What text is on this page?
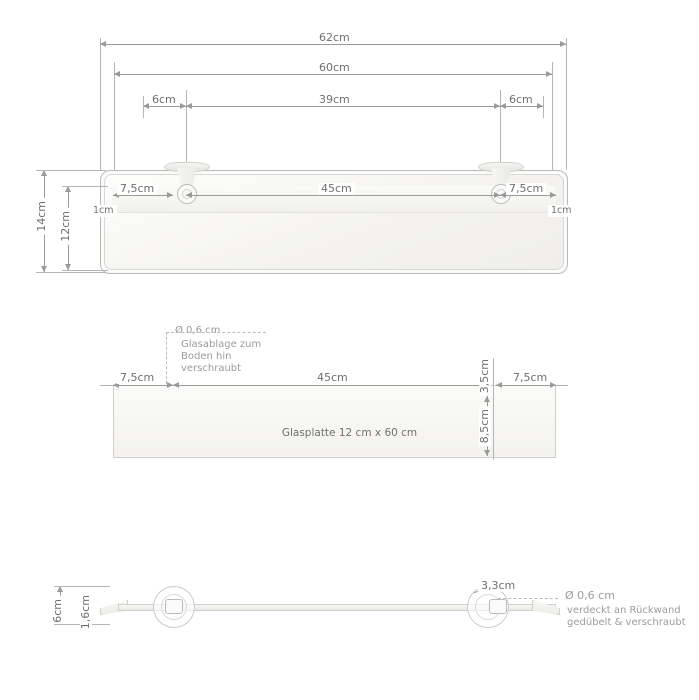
62cm
60cm
6cm	39cm	6cm
7,5cm	45cm	7,5cm
1cm	1cm
14cm 12cm
Ø 0,6 cm
Glasablage zum
Boden hin
verschraubt
Glasplatte 12 cm x 60 cm
7,5cm	45cm	7,5cm
3,5cm
8,5cm
6cm 1,6cm
3,3cm
Ø 0,6 cm
verdeckt an Rückwand
gedübelt & verschraubt
